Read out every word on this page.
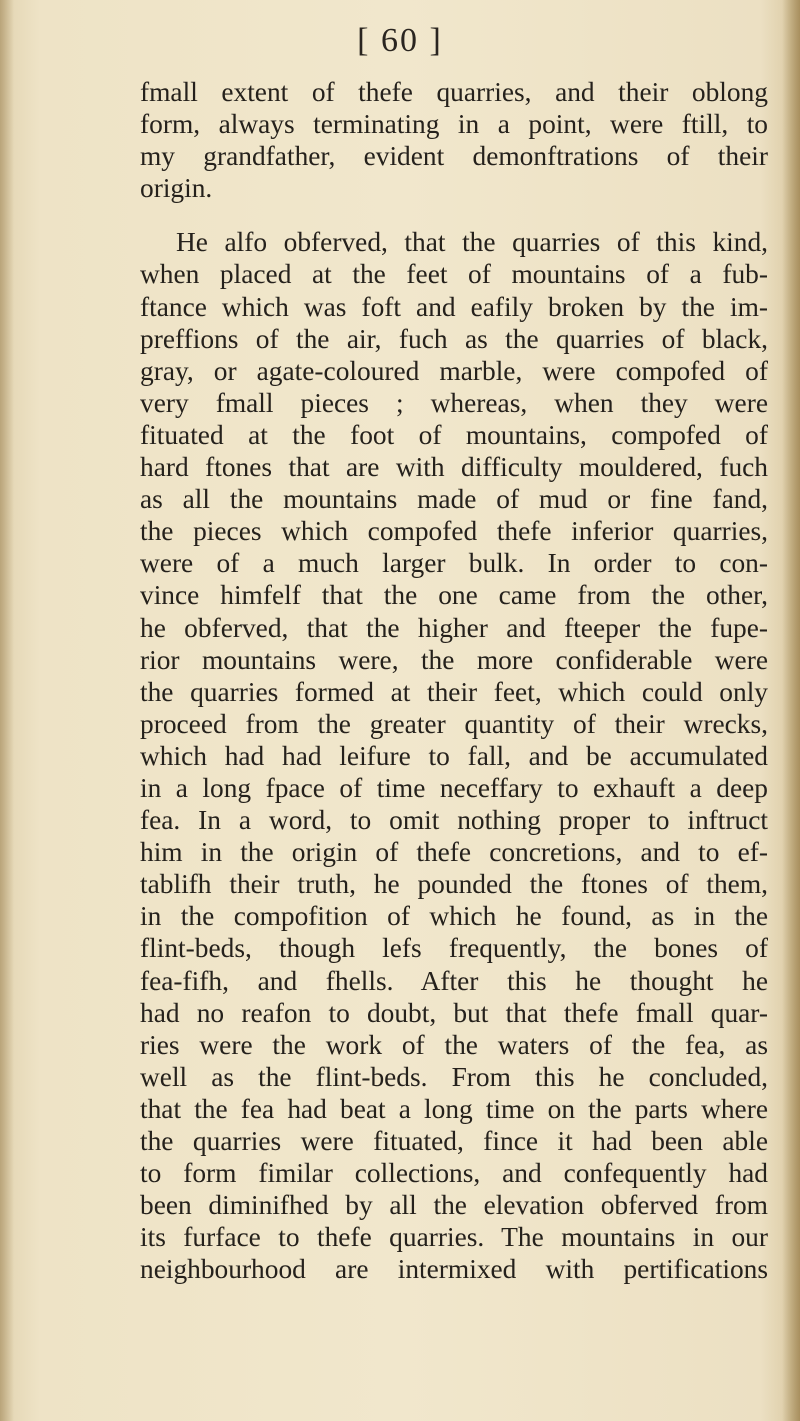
[ 60 ]
fmall extent of thefe quarries, and their oblong
form, always terminating in a point, were ftill, to
my grandfather, evident demonftrations of their
origin.
He alfo obferved, that the quarries of this kind,
when placed at the feet of mountains of a fub-
ftance which was foft and eafily broken by the im-
preffions of the air, fuch as the quarries of black,
gray, or agate-coloured marble, were compofed of
very fmall pieces ; whereas, when they were
fituated at the foot of mountains, compofed of
hard ftones that are with difficulty mouldered, fuch
as all the mountains made of mud or fine fand,
the pieces which compofed thefe inferior quarries,
were of a much larger bulk. In order to con-
vince himfelf that the one came from the other,
he obferved, that the higher and fteeper the fupe-
rior mountains were, the more confiderable were
the quarries formed at their feet, which could only
proceed from the greater quantity of their wrecks,
which had had leifure to fall, and be accumulated
in a long fpace of time neceffary to exhauft a deep
fea. In a word, to omit nothing proper to inftruct
him in the origin of thefe concretions, and to ef-
tablifh their truth, he pounded the ftones of them,
in the compofition of which he found, as in the
flint-beds, though lefs frequently, the bones of
fea-fifh, and fhells. After this he thought he
had no reafon to doubt, but that thefe fmall quar-
ries were the work of the waters of the fea, as
well as the flint-beds. From this he concluded,
that the fea had beat a long time on the parts where
the quarries were fituated, fince it had been able
to form fimilar collections, and confequently had
been diminifhed by all the elevation obferved from
its furface to thefe quarries. The mountains in our
neighbourhood are intermixed with pertifications
